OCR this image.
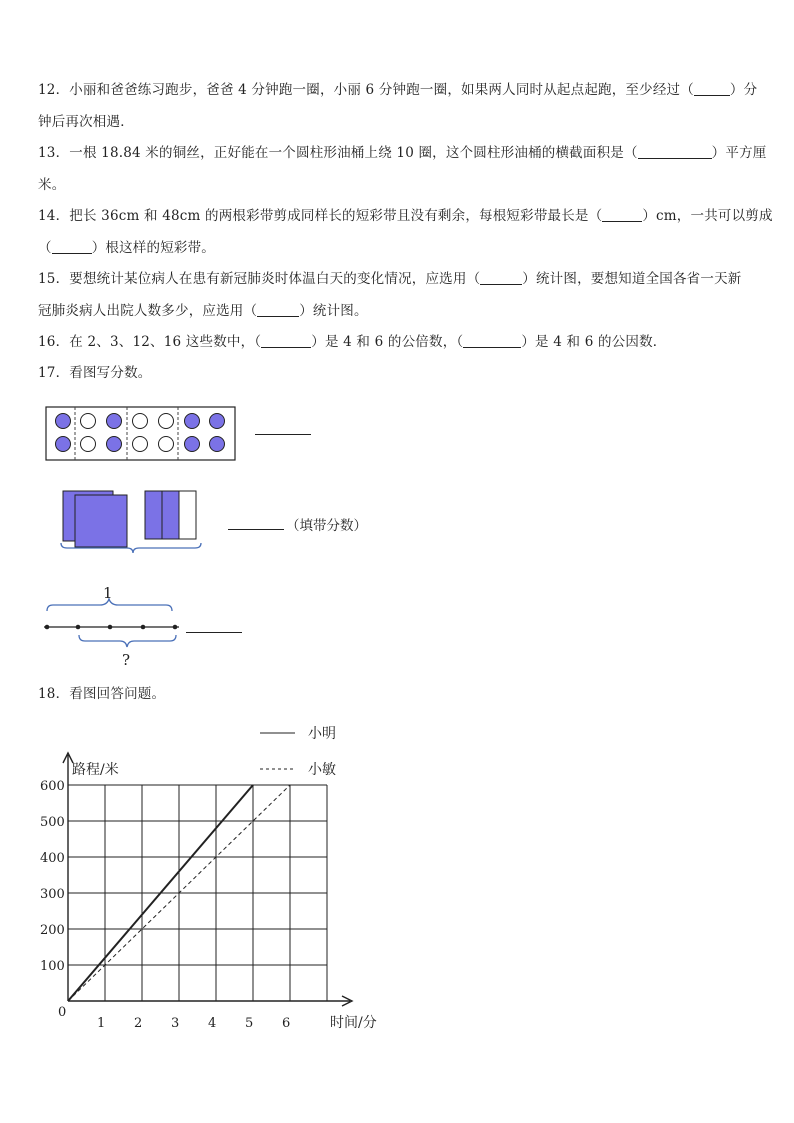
12．小丽和爸爸练习跑步，爸爸 4 分钟跑一圈，小丽 6 分钟跑一圈，如果两人同时从起点起跑，至少经过（	）分
钟后再次相遇．
13．一根 18.84 米的铜丝，正好能在一个圆柱形油桶上绕 10 圈，这个圆柱形油桶的横截面积是（	）平方厘
米。
14．把长 36cm 和 48cm 的两根彩带剪成同样长的短彩带且没有剩余，每根短彩带最长是（	）cm，一共可以剪成
（	）根这样的短彩带。
15．要想统计某位病人在患有新冠肺炎时体温白天的变化情况，应选用（	）统计图，要想知道全国各省一天新
冠肺炎病人出院人数多少，应选用（	）统计图。
16．在 2、3、12、16 这些数中，（	）是 4 和 6 的公倍数，（	）是 4 和 6 的公因数．
17．看图写分数。
（填带分数）
1
?
18．看图回答问题。
0
1 2 3 4 5 6
100
200
300
400
500
600
小明
小敏
路程/米
时间/分
